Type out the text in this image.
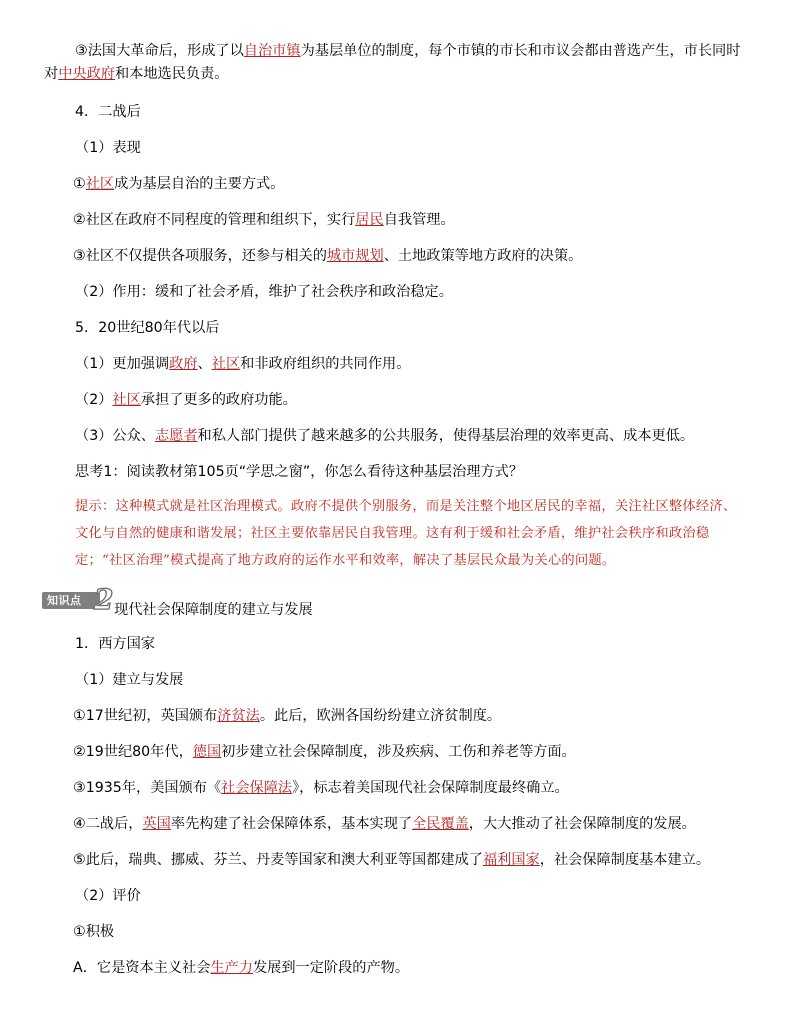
③法国大革命后，形成了以自治市镇为基层单位的制度，每个市镇的市长和市议会都由普选产生，市长同时
对中央政府和本地选民负责。
4．二战后
（1）表现
①社区成为基层自治的主要方式。
②社区在政府不同程度的管理和组织下，实行居民自我管理。
③社区不仅提供各项服务，还参与相关的城市规划、土地政策等地方政府的决策。
（2）作用：缓和了社会矛盾，维护了社会秩序和政治稳定。
5．20世纪80年代以后
（1）更加强调政府、社区和非政府组织的共同作用。
（2）社区承担了更多的政府功能。
（3）公众、志愿者和私人部门提供了越来越多的公共服务，使得基层治理的效率更高、成本更低。
思考1：阅读教材第105页“学思之窗”，你怎么看待这种基层治理方式？
提示：这种模式就是社区治理模式。政府不提供个别服务，而是关注整个地区居民的幸福，关注社区整体经济、文化与自然的健康和谐发展；社区主要依靠居民自我管理。这有利于缓和社会矛盾，维护社会秩序和政治稳定；“社区治理”模式提高了地方政府的运作水平和效率，解决了基层民众最为关心的问题。
知识点 2 现代社会保障制度的建立与发展
1．西方国家
（1）建立与发展
①17世纪初，英国颁布济贫法。此后，欧洲各国纷纷建立济贫制度。
②19世纪80年代，德国初步建立社会保障制度，涉及疾病、工伤和养老等方面。
③1935年，美国颁布《社会保障法》，标志着美国现代社会保障制度最终确立。
④二战后，英国率先构建了社会保障体系，基本实现了全民覆盖，大大推动了社会保障制度的发展。
⑤此后，瑞典、挪威、芬兰、丹麦等国家和澳大利亚等国都建成了福利国家，社会保障制度基本建立。
（2）评价
①积极
A．它是资本主义社会生产力发展到一定阶段的产物。
